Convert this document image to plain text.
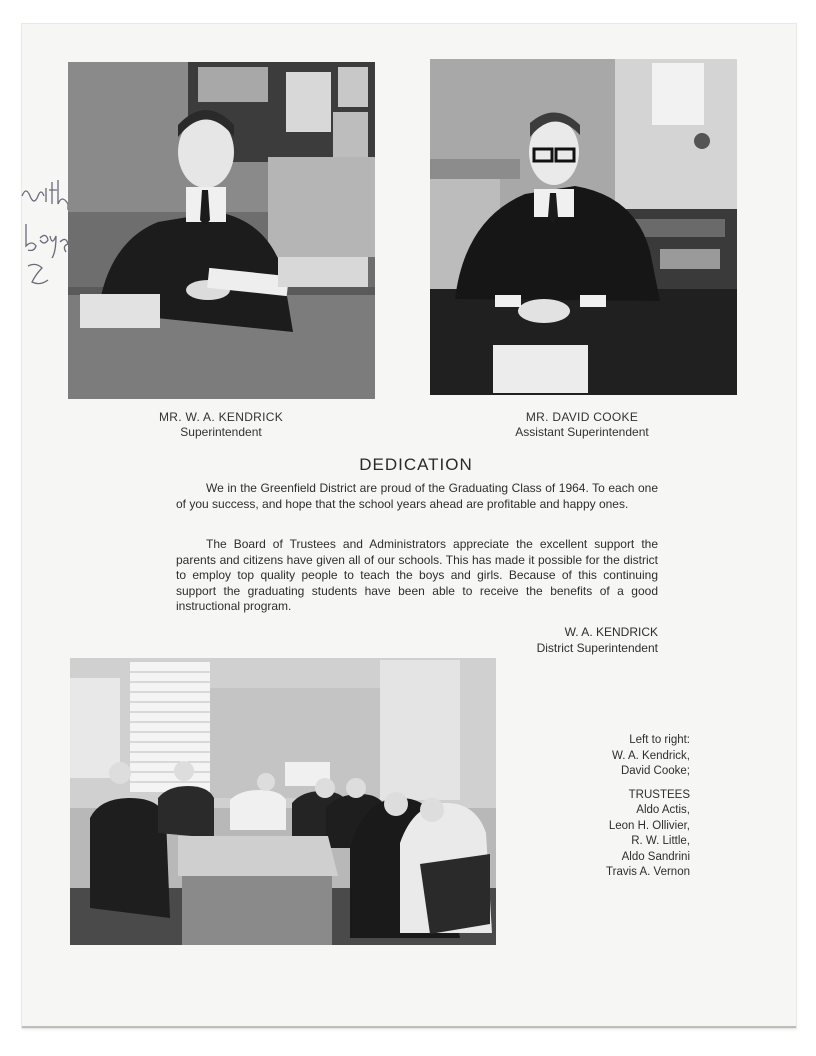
MR. W. A. KENDRICK
Superintendent
MR. DAVID COOKE
Assistant Superintendent
DEDICATION
We in the Greenfield District are proud of the Graduating Class of 1964. To each one of you success, and hope that the school years ahead are profitable and happy ones.
The Board of Trustees and Administrators appreciate the excellent support the parents and citizens have given all of our schools. This has made it possible for the district to employ top quality people to teach the boys and girls. Because of this continuing support the graduating students have been able to receive the benefits of a good instructional program.
W. A. KENDRICK
District Superintendent
Left to right:
W. A. Kendrick,
David Cooke;
TRUSTEES
Aldo Actis,
Leon H. Ollivier,
R. W. Little,
Aldo Sandrini
Travis A. Vernon
